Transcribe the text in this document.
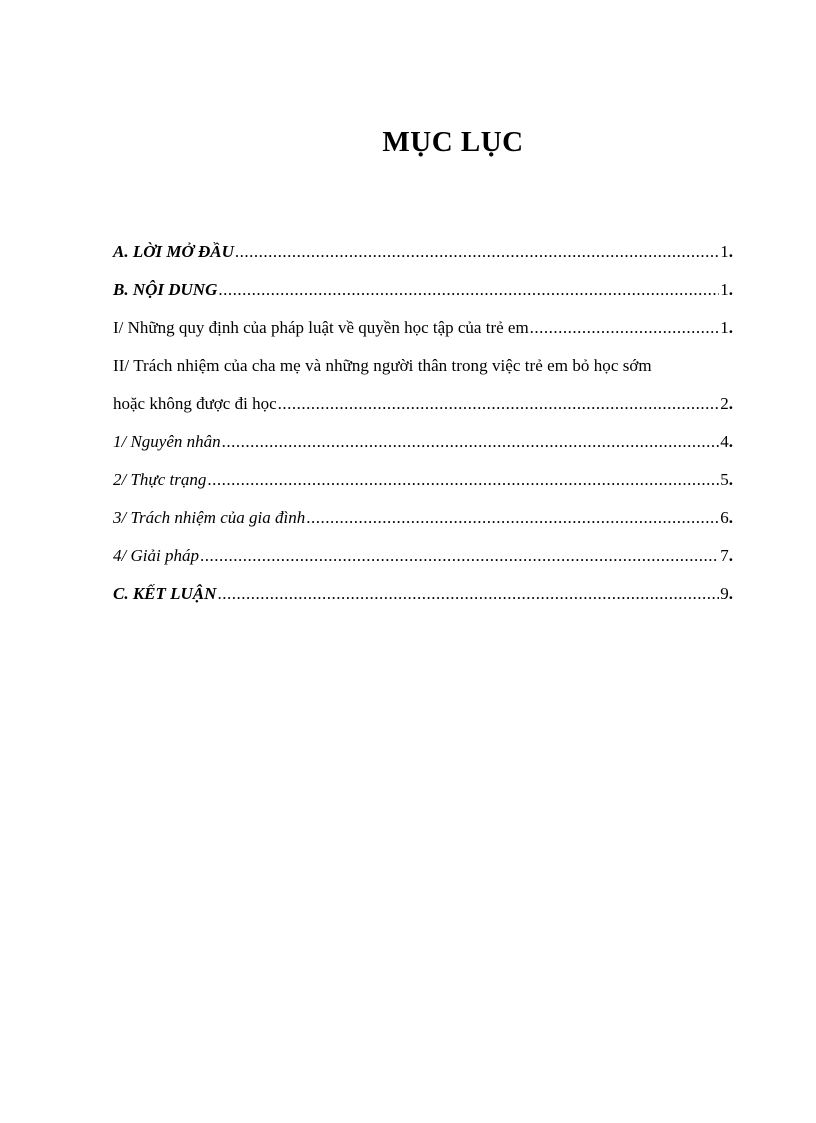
MỤC LỤC
A. LỜI MỞ ĐẦU .....	1.
B. NỘI DUNG .....	1.
I/ Những quy định của pháp luật về quyền học tập của trẻ em .....	1.
II/ Trách nhiệm của cha mẹ và những người thân trong việc trẻ em bỏ học sớm
hoặc không được đi học .....	2.
1/ Nguyên nhân .....	4.
2/ Thực trạng .....	5.
3/ Trách nhiệm của gia đình .....	6.
4/ Giải pháp .....	7.
C. KẾT LUẬN .....	9.
